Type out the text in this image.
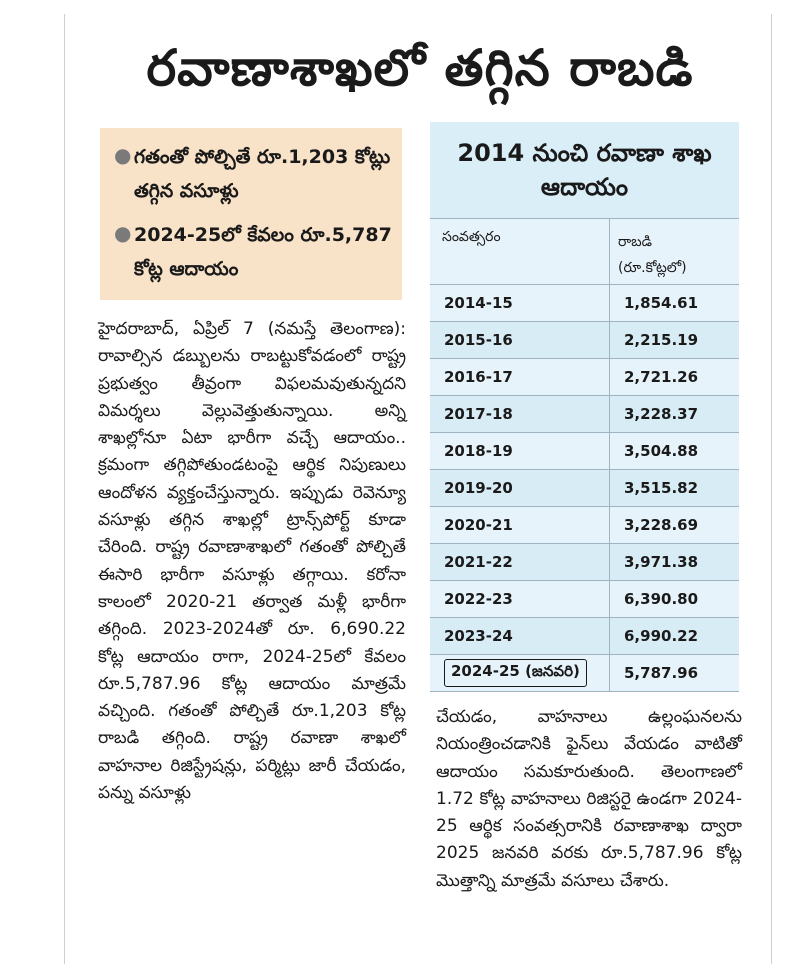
రవాణాశాఖలో తగ్గిన రాబడి
● గతంతో పోల్చితే రూ.1,203 కోట్లు తగ్గిన వసూళ్లు
● 2024-25లో కేవలం రూ.5,787 కోట్ల ఆదాయం
హైదరాబాద్, ఏప్రిల్ 7 (నమస్తే తెలంగాణ): రావాల్సిన డబ్బులను రాబట్టుకోవడంలో రాష్ట్ర ప్రభుత్వం తీవ్రంగా విఫలమవుతున్నదని విమర్శలు వెల్లువెత్తుతున్నాయి. అన్ని శాఖల్లోనూ ఏటా భారీగా వచ్చే ఆదాయం.. క్రమంగా తగ్గిపోతుండటంపై ఆర్థిక నిపుణులు ఆందోళన వ్యక్తంచేస్తున్నారు. ఇప్పుడు రెవెన్యూ వసూళ్లు తగ్గిన శాఖల్లో ట్రాన్స్‌పోర్ట్ కూడా చేరింది. రాష్ట్ర రవాణాశాఖలో గతంతో పోల్చితే ఈసారి భారీగా వసూళ్లు తగ్గాయి. కరోనా కాలంలో 2020-21 తర్వాత మళ్లీ భారీగా తగ్గింది. 2023-2024తో రూ. 6,690.22 కోట్ల ఆదాయం రాగా, 2024-25లో కేవలం రూ.5,787.96 కోట్ల ఆదాయం మాత్రమే వచ్చింది. గతంతో పోల్చితే రూ.1,203 కోట్ల రాబడి తగ్గింది. రాష్ట్ర రవాణా శాఖలో వాహనాల రిజిస్ట్రేషన్లు, పర్మిట్లు జారీ చేయడం, పన్ను వసూళ్లు
2014 నుంచి రవాణా శాఖ ఆదాయం
సంవత్సరం	రాబడి
(రూ.కోట్లలో)
2014-15	1,854.61
2015-16	2,215.19
2016-17	2,721.26
2017-18	3,228.37
2018-19	3,504.88
2019-20	3,515.82
2020-21	3,228.69
2021-22	3,971.38
2022-23	6,390.80
2023-24	6,990.22
2024-25 (జనవరి)	5,787.96
చేయడం, వాహనాలు ఉల్లంఘనలను నియంత్రించడానికి ఫైన్‌లు వేయడం వాటితో ఆదాయం సమకూరుతుంది. తెలంగాణలో 1.72 కోట్ల వాహనాలు రిజిస్టరై ఉండగా 2024-25 ఆర్థిక సంవత్సరానికి రవాణాశాఖ ద్వారా 2025 జనవరి వరకు రూ.5,787.96 కోట్ల మొత్తాన్ని మాత్రమే వసూలు చేశారు.
